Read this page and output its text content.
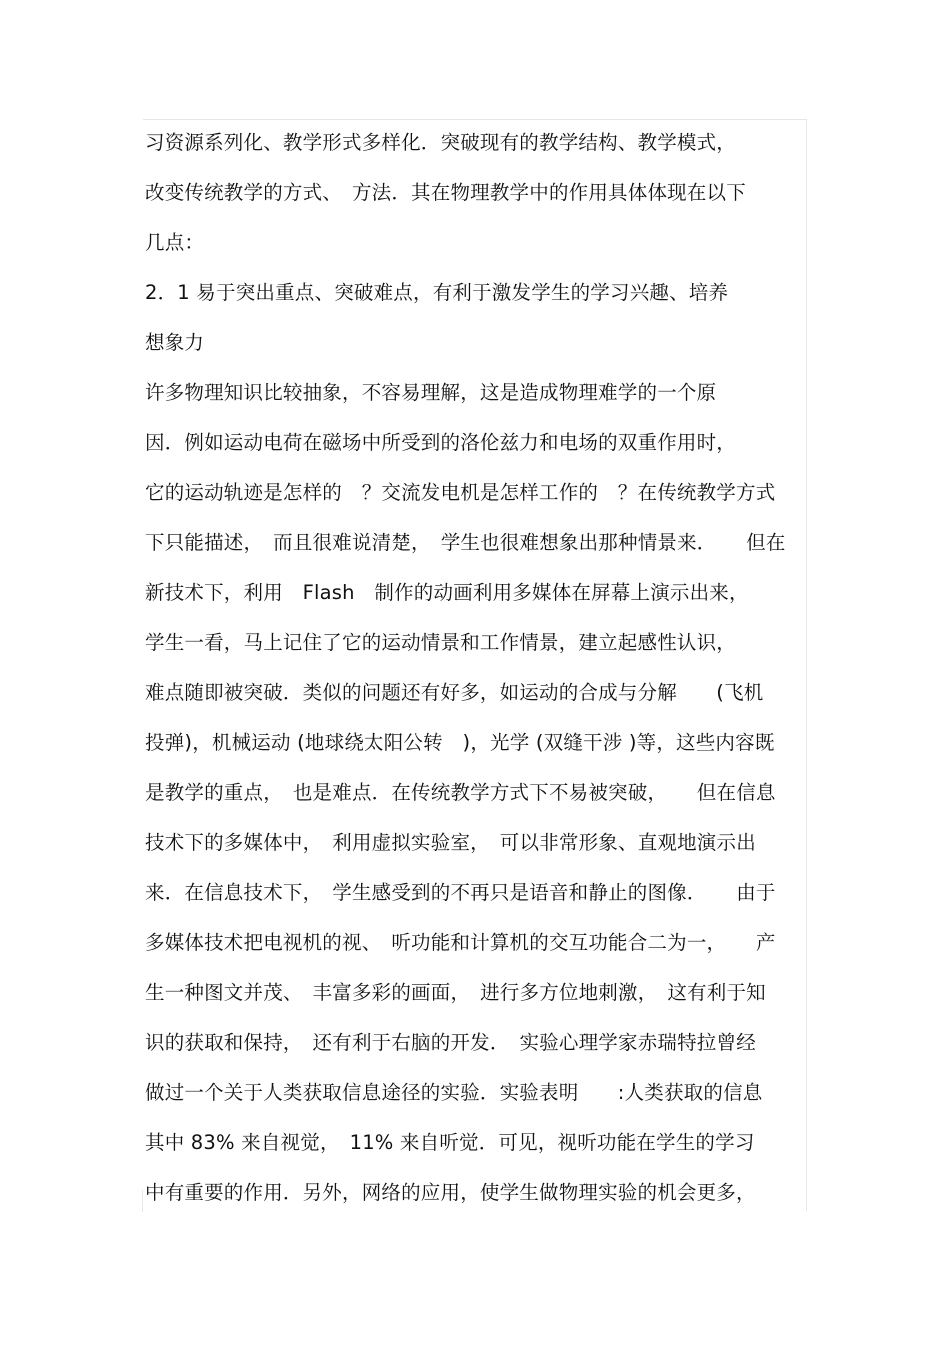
习资源系列化、教学形式多样化．突破现有的教学结构、教学模式，
改变传统教学的方式、　方法．其在物理教学中的作用具体体现在以下
几点：
2．1 易于突出重点、突破难点，有利于激发学生的学习兴趣、培养
想象力
许多物理知识比较抽象，不容易理解，这是造成物理难学的一个原
因．例如运动电荷在磁场中所受到的洛伦兹力和电场的双重作用时，
它的运动轨迹是怎样的　？交流发电机是怎样工作的　？在传统教学方式
下只能描述，　而且很难说清楚，　学生也很难想象出那种情景来．　　但在
新技术下，利用　Flash　制作的动画利用多媒体在屏幕上演示出来，
学生一看，马上记住了它的运动情景和工作情景，建立起感性认识，
难点随即被突破．类似的问题还有好多，如运动的合成与分解　　(飞机
投弹)，机械运动 (地球绕太阳公转　)，光学 (双缝干涉 )等，这些内容既
是教学的重点，　也是难点．在传统教学方式下不易被突破，　　但在信息
技术下的多媒体中，　利用虚拟实验室，　可以非常形象、直观地演示出
来．在信息技术下，　学生感受到的不再只是语音和静止的图像．　　由于
多媒体技术把电视机的视、　听功能和计算机的交互功能合二为一，　　产
生一种图文并茂、　丰富多彩的画面，　进行多方位地刺激，　这有利于知
识的获取和保持，　还有利于右脑的开发．　实验心理学家赤瑞特拉曾经
做过一个关于人类获取信息途径的实验．实验表明　　:人类获取的信息
其中 83% 来自视觉，　11% 来自听觉．可见，视听功能在学生的学习
中有重要的作用．另外，网络的应用，使学生做物理实验的机会更多，
